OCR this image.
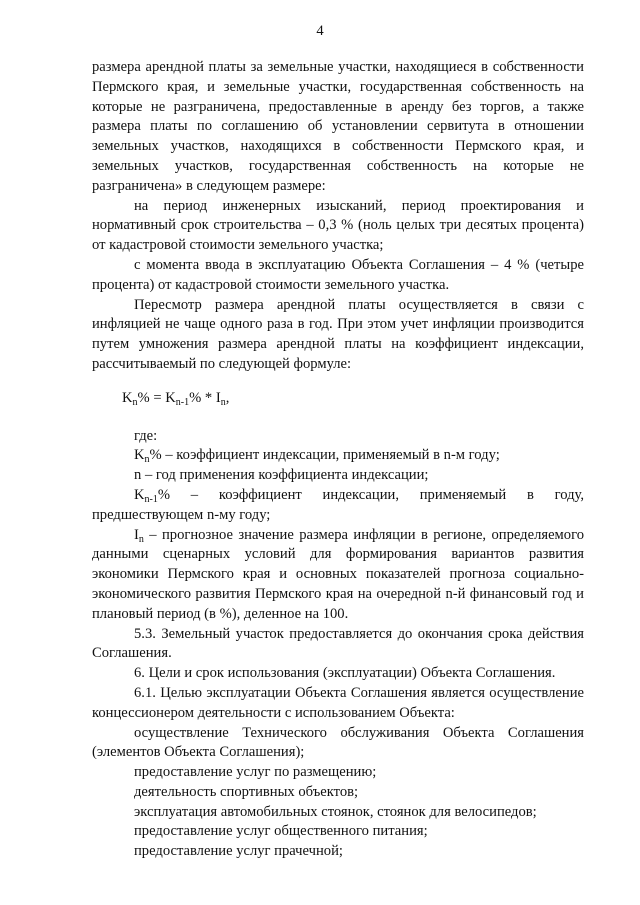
4

размера арендной платы за земельные участки, находящиеся в собственности Пермского края, и земельные участки, государственная собственность на которые не разграничена, предоставленные в аренду без торгов, а также размера платы по соглашению об установлении сервитута в отношении земельных участков, находящихся в собственности Пермского края, и земельных участков, государственная собственность на которые не разграничена» в следующем размере:

на период инженерных изысканий, период проектирования и нормативный срок строительства – 0,3 % (ноль целых три десятых процента) от кадастровой стоимости земельного участка;

с момента ввода в эксплуатацию Объекта Соглашения – 4 % (четыре процента) от кадастровой стоимости земельного участка.

Пересмотр размера арендной платы осуществляется в связи с инфляцией не чаще одного раза в год. При этом учет инфляции производится путем умножения размера арендной платы на коэффициент индексации, рассчитываемый по следующей формуле:

$K_n\% = K_{n-1}\% * I_n$,

где:

$K_n\%$ – коэффициент индексации, применяемый в n-м году;

n – год применения коэффициента индексации;

$K_{n-1}\%$ – коэффициент индексации, применяемый в году, предшествующем n-му году;

$I_n$ – прогнозное значение размера инфляции в регионе, определяемого данными сценарных условий для формирования вариантов развития экономики Пермского края и основных показателей прогноза социально-экономического развития Пермского края на очередной n-й финансовый год и плановый период (в %), деленное на 100.

5.3. Земельный участок предоставляется до окончания срока действия Соглашения.

6. Цели и срок использования (эксплуатации) Объекта Соглашения.

6.1. Целью эксплуатации Объекта Соглашения является осуществление концессионером деятельности с использованием Объекта:

осуществление Технического обслуживания Объекта Соглашения (элементов Объекта Соглашения);

предоставление услуг по размещению;

деятельность спортивных объектов;

эксплуатация автомобильных стоянок, стоянок для велосипедов;

предоставление услуг общественного питания;

предоставление услуг прачечной;
